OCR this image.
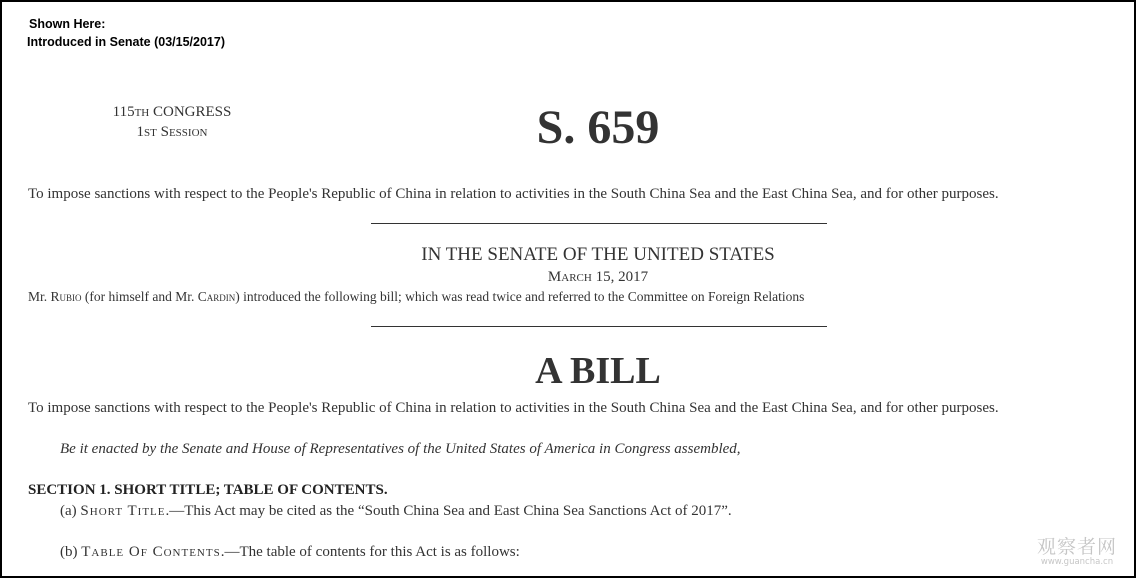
Shown Here:
Introduced in Senate (03/15/2017)
115th CONGRESS
1st Session	S. 659
To impose sanctions with respect to the People's Republic of China in relation to activities in the South China Sea and the East China Sea, and for other purposes.
IN THE SENATE OF THE UNITED STATES
March 15, 2017
Mr. Rubio (for himself and Mr. Cardin) introduced the following bill; which was read twice and referred to the Committee on Foreign Relations
A BILL
To impose sanctions with respect to the People's Republic of China in relation to activities in the South China Sea and the East China Sea, and for other purposes.
Be it enacted by the Senate and House of Representatives of the United States of America in Congress assembled,
SECTION 1. SHORT TITLE; TABLE OF CONTENTS.
(a) Short Title.—This Act may be cited as the “South China Sea and East China Sea Sanctions Act of 2017”.
(b) Table Of Contents.—The table of contents for this Act is as follows:	观察者网
www.guancha.cn
